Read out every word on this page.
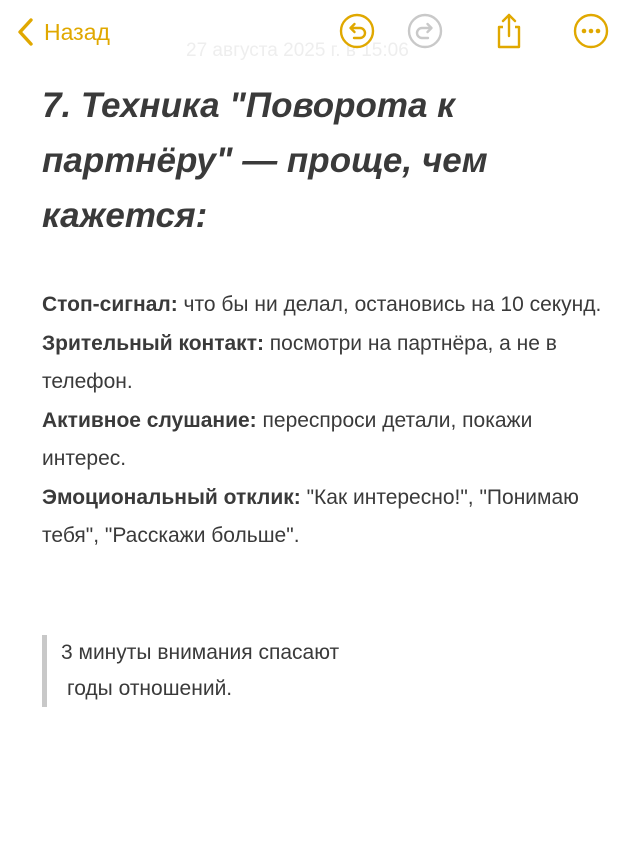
Назад
27 августа 2025 г. в 15:06
7. Техника "Поворота к партнёру" — проще, чем кажется:

Стоп-сигнал: что бы ни делал, остановись на 10 секунд.

Зрительный контакт: посмотри на партнёра, а не в телефон.

Активное слушание: переспроси детали, покажи интерес.

Эмоциональный отклик: "Как интересно!", "Понимаю тебя", "Расскажи больше".

3 минуты внимания спасают

годы отношений.
